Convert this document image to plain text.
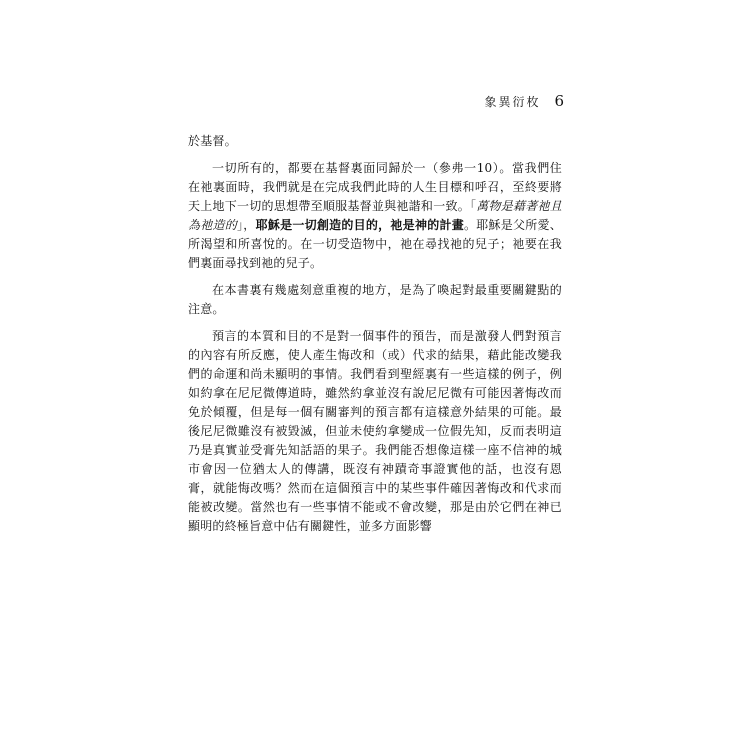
象異衍枚 6

於基督。

一切所有的，都要在基督裏面同歸於一（參弗一10）。當我們住在祂裏面時，我們就是在完成我們此時的人生目標和呼召，至終要將天上地下一切的思想帶至順服基督並與祂諧和一致。「萬物是藉著祂且為祂造的」，耶穌是一切創造的目的，祂是神的計畫。耶穌是父所愛、所渴望和所喜悅的。在一切受造物中，祂在尋找祂的兒子；祂要在我們裏面尋找到祂的兒子。

在本書裏有幾處刻意重複的地方，是為了喚起對最重要關鍵點的注意。

預言的本質和目的不是對一個事件的預告，而是激發人們對預言的內容有所反應，使人產生悔改和（或）代求的結果，藉此能改變我們的命運和尚未顯明的事情。我們看到聖經裏有一些這樣的例子，例如約拿在尼尼微傳道時，雖然約拿並沒有說尼尼微有可能因著悔改而免於傾覆，但是每一個有關審判的預言都有這樣意外結果的可能。最後尼尼微雖沒有被毀滅，但並未使約拿變成一位假先知，反而表明這乃是真實並受膏先知話語的果子。我們能否想像這樣一座不信神的城市會因一位猶太人的傳講，既沒有神蹟奇事證實他的話，也沒有恩膏，就能悔改嗎？然而在這個預言中的某些事件確因著悔改和代求而能被改變。當然也有一些事情不能或不會改變，那是由於它們在神已顯明的終極旨意中佔有關鍵性，並多方面影響
